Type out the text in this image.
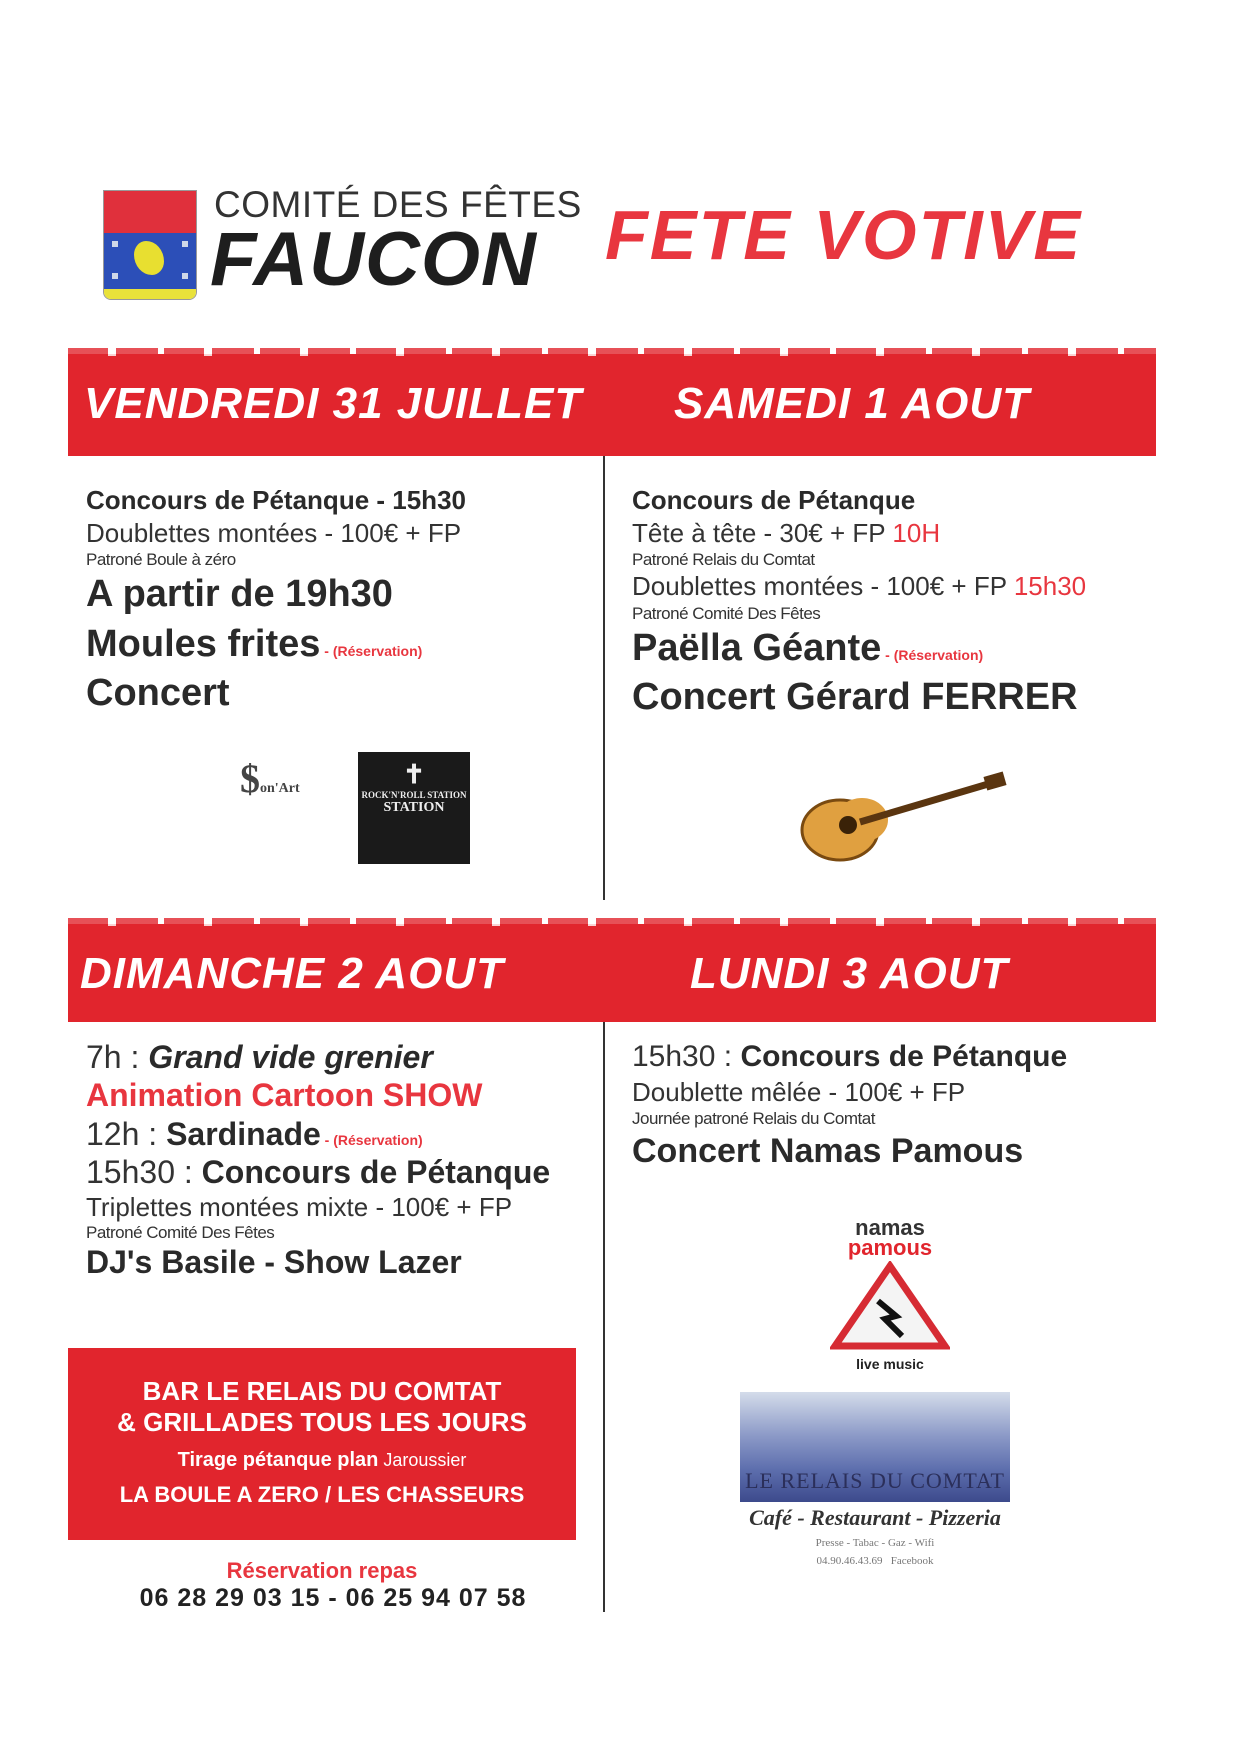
COMITÉ DES FÊTES
FAUCON FETE VOTIVE
VENDREDI 31 JUILLET SAMEDI 1 AOUT
Concours de Pétanque - 15h30
Doublettes montées - 100€ + FP
Patroné Boule à zéro
A partir de 19h30
Moules frites - (Réservation)
Concert
$on'Art	✝
ROCK'N'ROLL STATION
STATION
Concours de Pétanque
Tête à tête - 30€ + FP 10H
Patroné Relais du Comtat
Doublettes montées - 100€ + FP 15h30
Patroné Comité Des Fêtes
Paëlla Géante - (Réservation)
Concert Gérard FERRER
DIMANCHE 2 AOUT	LUNDI 3 AOUT
7h : Grand vide grenier
Animation Cartoon SHOW
12h : Sardinade - (Réservation)
15h30 : Concours de Pétanque
Triplettes montées mixte - 100€ + FP
Patroné Comité Des Fêtes
DJ's Basile - Show Lazer
15h30 : Concours de Pétanque
Doublette mêlée - 100€ + FP
Journée patroné Relais du Comtat
Concert Namas Pamous
namas
pamous
live music
LE RELAIS DU COMTAT
Café - Restaurant - Pizzeria
Presse - Tabac - Gaz - Wifi
04.90.46.43.69 Facebook
BAR LE RELAIS DU COMTAT
& GRILLADES TOUS LES JOURS
Tirage pétanque plan Jaroussier
LA BOULE A ZERO / LES CHASSEURS
Réservation repas
06 28 29 03 15 - 06 25 94 07 58
